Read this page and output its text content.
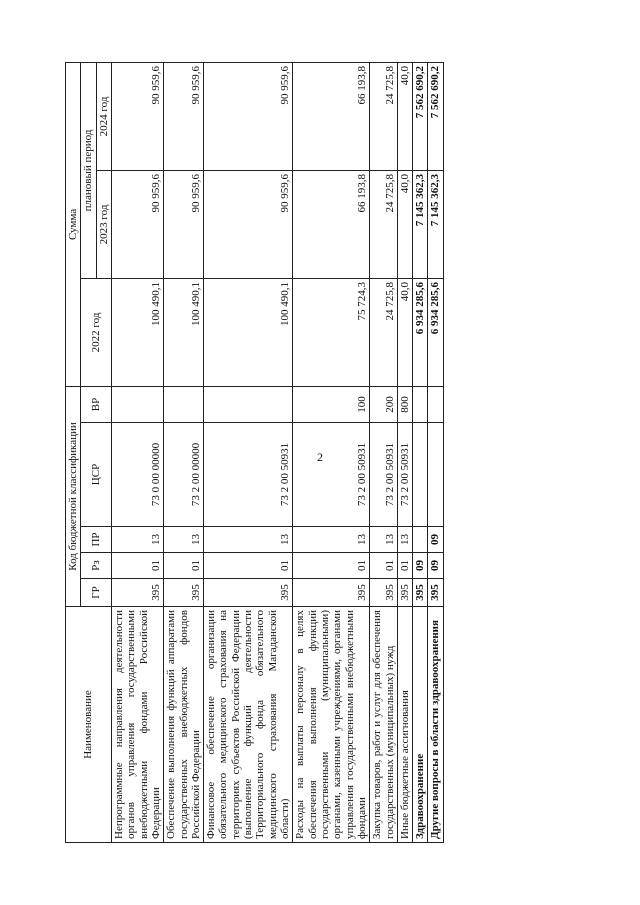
2
Наименование	Код бюджетной классификации					Сумма		
	ГР	Рз	ПР	ЦСР	ВР	2022 год	плановый период	
							2023 год	2024 год
Непрограммные направления деятельности органов управления государственными внебюджетными фондами Российской Федерации	395	01	13	73 0 00 00000		100 490,1	90 959,6	90 959,6
Обеспечение выполнения функций аппаратами государственных внебюджетных фондов Российской Федерации	395	01	13	73 2 00 00000		100 490,1	90 959,6	90 959,6
Финансовое обеспечение организации обязательного медицинского страхования на территориях субъектов Российской Федерации (выполнение функций деятельности Территориального фонда обязательного медицинского страхования Магаданской области)	395	01	13	73 2 00 50931		100 490,1	90 959,6	90 959,6
Расходы на выплаты персоналу в целях обеспечения выполнения функций государственными (муниципальными) органами, казенными учреждениями, органами управления государственными внебюджетными фондами	395	01	13	73 2 00 50931	100	75 724,3	66 193,8	66 193,8
Закупка товаров, работ и услуг для обеспечения государственных (муниципальных) нужд	395	01	13	73 2 00 50931	200	24 725,8	24 725,8	24 725,8
Иные бюджетные ассигнования	395	01	13	73 2 00 50931	800	40,0	40,0	40,0
Здравоохранение	395	09				6 934 285,6	7 145 362,3	7 562 690,2
Другие вопросы в области здравоохранения	395	09	09			6 934 285,6	7 145 362,3	7 562 690,2
